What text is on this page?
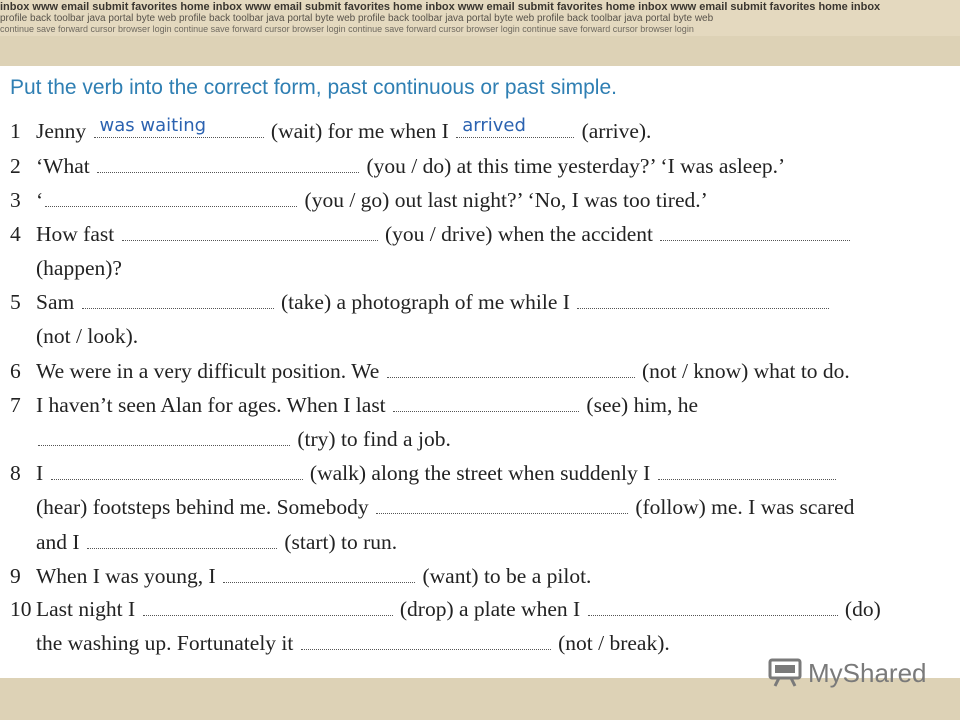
inbox www email submit favorites home inbox www email submit favorites home inbox www email submit favorites home inbox www email submit favorites home inbox
profile back toolbar java portal byte web profile back toolbar java portal byte web profile back toolbar java portal byte web profile back toolbar java portal byte web
continue save forward cursor browser login continue save forward cursor browser login continue save forward cursor browser login continue save forward cursor browser login
Put the verb into the correct form, past continuous or past simple.
1 Jenny was waiting	(wait) for me when I arrived	(arrive).
2 ‘What	(you / do) at this time yesterday?’ ‘I was asleep.’
3 ‘	(you / go) out last night?’ ‘No, I was too tired.’
4 How fast	(you / drive) when the accident
(happen)?
5 Sam	(take) a photograph of me while I
(not / look).
6 We were in a very difficult position. We	(not / know) what to do.
7 I haven’t seen Alan for ages. When I last	(see) him, he
(try) to find a job.
8 I	(walk) along the street when suddenly I
(hear) footsteps behind me. Somebody	(follow) me. I was scared
and I	(start) to run.
9 When I was young, I	(want) to be a pilot.
10 Last night I	(drop) a plate when I	(do)
the washing up. Fortunately it	(not / break).
MyShared
